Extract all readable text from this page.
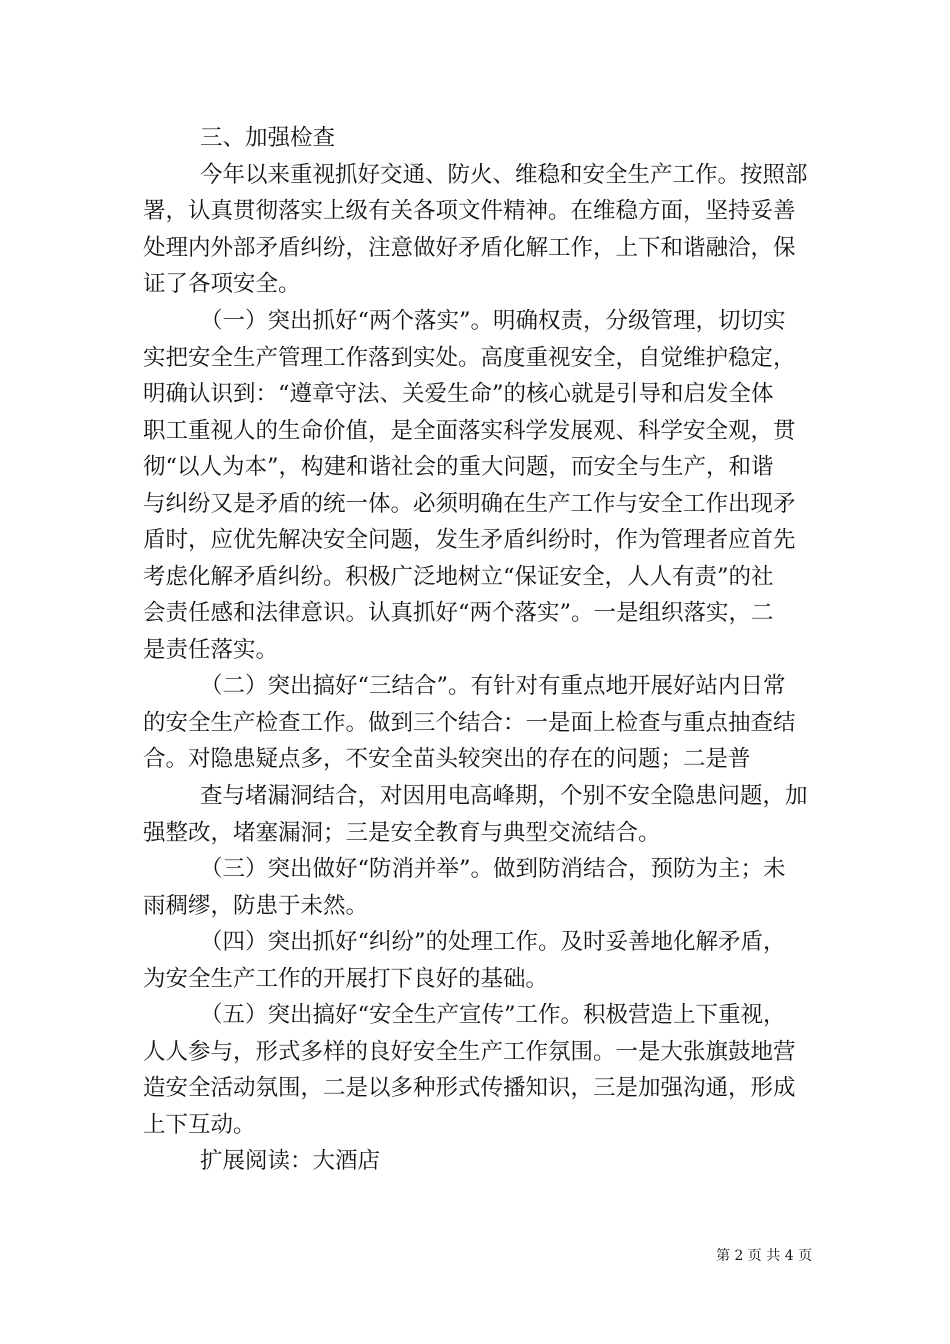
三、加强检查
今年以来重视抓好交通、防火、维稳和安全生产工作。按照部
署，认真贯彻落实上级有关各项文件精神。在维稳方面，坚持妥善
处理内外部矛盾纠纷，注意做好矛盾化解工作，上下和谐融洽，保
证了各项安全。
（一）突出抓好“两个落实”。明确权责，分级管理，切切实
实把安全生产管理工作落到实处。高度重视安全，自觉维护稳定，
明确认识到：“遵章守法、关爱生命”的核心就是引导和启发全体
职工重视人的生命价值，是全面落实科学发展观、科学安全观，贯
彻“以人为本”，构建和谐社会的重大问题，而安全与生产，和谐
与纠纷又是矛盾的统一体。必须明确在生产工作与安全工作出现矛
盾时，应优先解决安全问题，发生矛盾纠纷时，作为管理者应首先
考虑化解矛盾纠纷。积极广泛地树立“保证安全，人人有责”的社
会责任感和法律意识。认真抓好“两个落实”。一是组织落实，二
是责任落实。
（二）突出搞好“三结合”。有针对有重点地开展好站内日常
的安全生产检查工作。做到三个结合：一是面上检查与重点抽查结
合。对隐患疑点多，不安全苗头较突出的存在的问题；二是普
查与堵漏洞结合，对因用电高峰期，个别不安全隐患问题，加
强整改，堵塞漏洞；三是安全教育与典型交流结合。
（三）突出做好“防消并举”。做到防消结合，预防为主；未
雨稠缪，防患于未然。
（四）突出抓好“纠纷”的处理工作。及时妥善地化解矛盾，
为安全生产工作的开展打下良好的基础。
（五）突出搞好“安全生产宣传”工作。积极营造上下重视，
人人参与，形式多样的良好安全生产工作氛围。一是大张旗鼓地营
造安全活动氛围，二是以多种形式传播知识，三是加强沟通，形成
上下互动。
扩展阅读：大酒店
第 2 页 共 4 页
